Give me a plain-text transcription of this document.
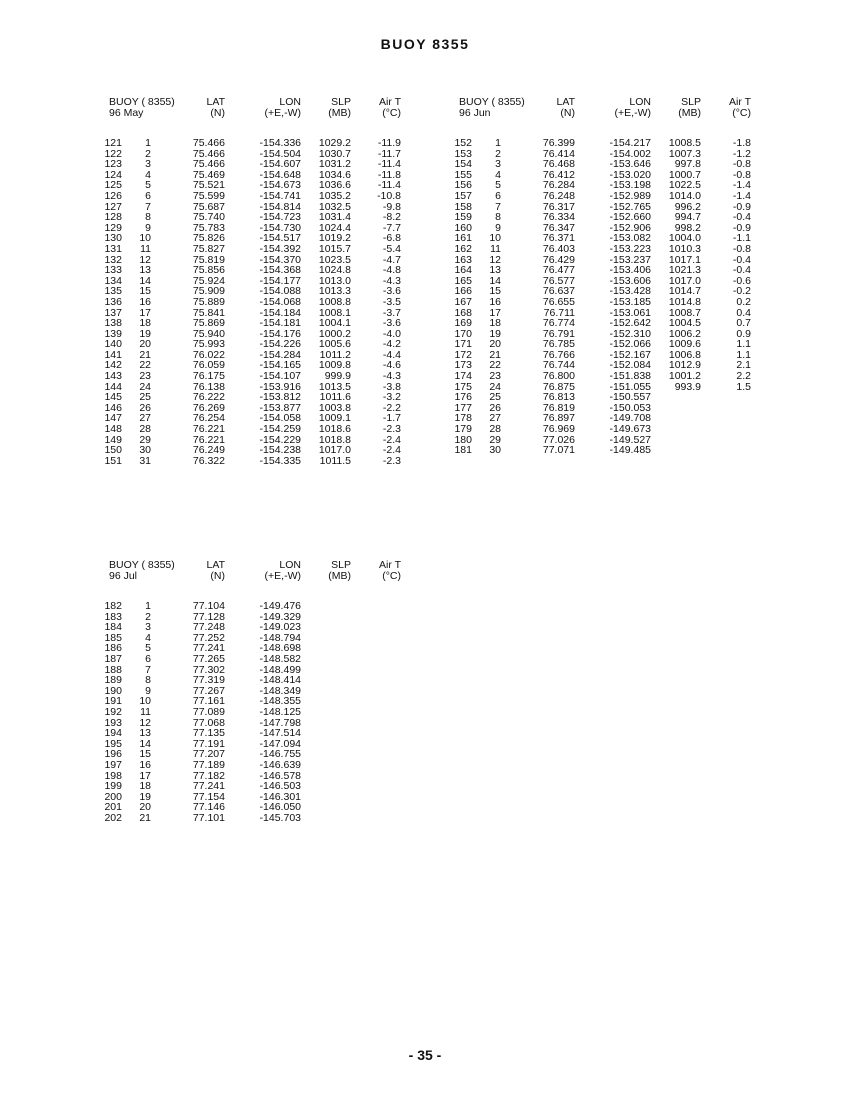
BUOY 8355
BUOY ( 8355)	LAT	LON	SLP	Air T
96 May	(N)	(+E,-W)	(MB)	(°C)
121	1	75.466	-154.336	1029.2	-11.9
122	2	75.466	-154.504	1030.7	-11.7
123	3	75.466	-154.607	1031.2	-11.4
124	4	75.469	-154.648	1034.6	-11.8
125	5	75.521	-154.673	1036.6	-11.4
126	6	75.599	-154.741	1035.2	-10.8
127	7	75.687	-154.814	1032.5	-9.8
128	8	75.740	-154.723	1031.4	-8.2
129	9	75.783	-154.730	1024.4	-7.7
130	10	75.826	-154.517	1019.2	-6.8
131	11	75.827	-154.392	1015.7	-5.4
132	12	75.819	-154.370	1023.5	-4.7
133	13	75.856	-154.368	1024.8	-4.8
134	14	75.924	-154.177	1013.0	-4.3
135	15	75.909	-154.088	1013.3	-3.6
136	16	75.889	-154.068	1008.8	-3.5
137	17	75.841	-154.184	1008.1	-3.7
138	18	75.869	-154.181	1004.1	-3.6
139	19	75.940	-154.176	1000.2	-4.0
140	20	75.993	-154.226	1005.6	-4.2
141	21	76.022	-154.284	1011.2	-4.4
142	22	76.059	-154.165	1009.8	-4.6
143	23	76.175	-154.107	999.9	-4.3
144	24	76.138	-153.916	1013.5	-3.8
145	25	76.222	-153.812	1011.6	-3.2
146	26	76.269	-153.877	1003.8	-2.2
147	27	76.254	-154.058	1009.1	-1.7
148	28	76.221	-154.259	1018.6	-2.3
149	29	76.221	-154.229	1018.8	-2.4
150	30	76.249	-154.238	1017.0	-2.4
151	31	76.322	-154.335	1011.5	-2.3
BUOY ( 8355)	LAT	LON	SLP	Air T
96 Jun	(N)	(+E,-W)	(MB)	(°C)
152	1	76.399	-154.217	1008.5	-1.8
153	2	76.414	-154.002	1007.3	-1.2
154	3	76.468	-153.646	997.8	-0.8
155	4	76.412	-153.020	1000.7	-0.8
156	5	76.284	-153.198	1022.5	-1.4
157	6	76.248	-152.989	1014.0	-1.4
158	7	76.317	-152.765	996.2	-0.9
159	8	76.334	-152.660	994.7	-0.4
160	9	76.347	-152.906	998.2	-0.9
161	10	76.371	-153.082	1004.0	-1.1
162	11	76.403	-153.223	1010.3	-0.8
163	12	76.429	-153.237	1017.1	-0.4
164	13	76.477	-153.406	1021.3	-0.4
165	14	76.577	-153.606	1017.0	-0.6
166	15	76.637	-153.428	1014.7	-0.2
167	16	76.655	-153.185	1014.8	0.2
168	17	76.711	-153.061	1008.7	0.4
169	18	76.774	-152.642	1004.5	0.7
170	19	76.791	-152.310	1006.2	0.9
171	20	76.785	-152.066	1009.6	1.1
172	21	76.766	-152.167	1006.8	1.1
173	22	76.744	-152.084	1012.9	2.1
174	23	76.800	-151.838	1001.2	2.2
175	24	76.875	-151.055	993.9	1.5
176	25	76.813	-150.557
177	26	76.819	-150.053
178	27	76.897	-149.708
179	28	76.969	-149.673
180	29	77.026	-149.527
181	30	77.071	-149.485
BUOY ( 8355)	LAT	LON	SLP	Air T
96 Jul	(N)	(+E,-W)	(MB)	(°C)
182	1	77.104	-149.476
183	2	77.128	-149.329
184	3	77.248	-149.023
185	4	77.252	-148.794
186	5	77.241	-148.698
187	6	77.265	-148.582
188	7	77.302	-148.499
189	8	77.319	-148.414
190	9	77.267	-148.349
191	10	77.161	-148.355
192	11	77.089	-148.125
193	12	77.068	-147.798
194	13	77.135	-147.514
195	14	77.191	-147.094
196	15	77.207	-146.755
197	16	77.189	-146.639
198	17	77.182	-146.578
199	18	77.241	-146.503
200	19	77.154	-146.301
201	20	77.146	-146.050
202	21	77.101	-145.703
- 35 -
